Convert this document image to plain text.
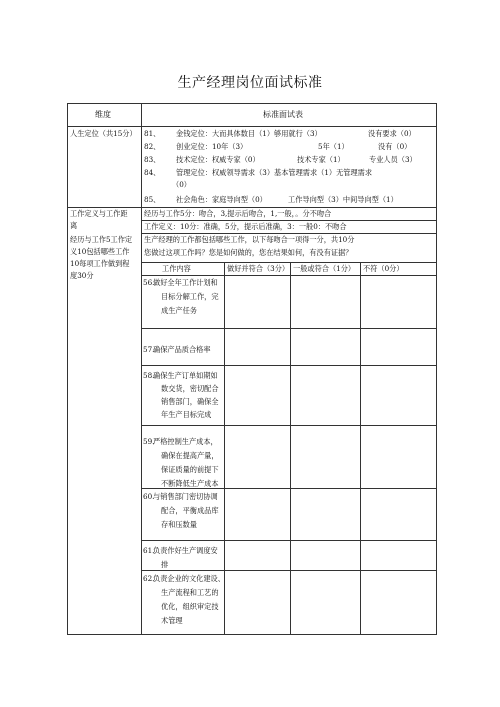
生产经理岗位面试标准
维度	标准面试表
人生定位（共15分） 81、 金钱定位：大而具体数目（1）够用就行（3）	没有要求（0）
82、 创业定位：10年（3）	5年（1）	没有（0）
83、 技术定位：权威专家（0）	技术专家（1）	专业人员（3）
84、 管理定位：权威领导需求（3）基本管理需求（1）无管理需求
（0）
85、 社会角色：家庭导向型（0）	工作导向型（3）中间导向型（1）
工作定义与工作距
离
经历与工作5工作定
义10包括哪些工作
10每项工作做到程
度30分
经历与工作5分：吻合，3,提示后吻合，1,一般，。分不吻合
工作定义：10分：准确，5分，提示后准确，3：一般0：不吻合
生产经理的工作都包括哪些工作，以下每吻合一项得一分，共10分
您做过这项工作吗？您是如何做的，您在结果如何，有没有证据？
工作内容	做好并符合（3分） 一般或符合（1分） 不符（0分）
56.
做好全年工作计划和
目标分解工作，完
成生产任务
57.
确保产品质合格率
58.
确保生产订单如期如
数交货，密切配合
销售部门，确保全
年生产目标完成
59.
严格控制生产成本，
确保在提高产量，
保证质量的前提下
不断降低生产成本
60.
与销售部门密切协调
配合，平衡成品库
存和压数量
61.
负责作好生产调度安
排
62.
负责企业的文化建设、
生产流程和工艺的
优化，组织审定技
术管理
